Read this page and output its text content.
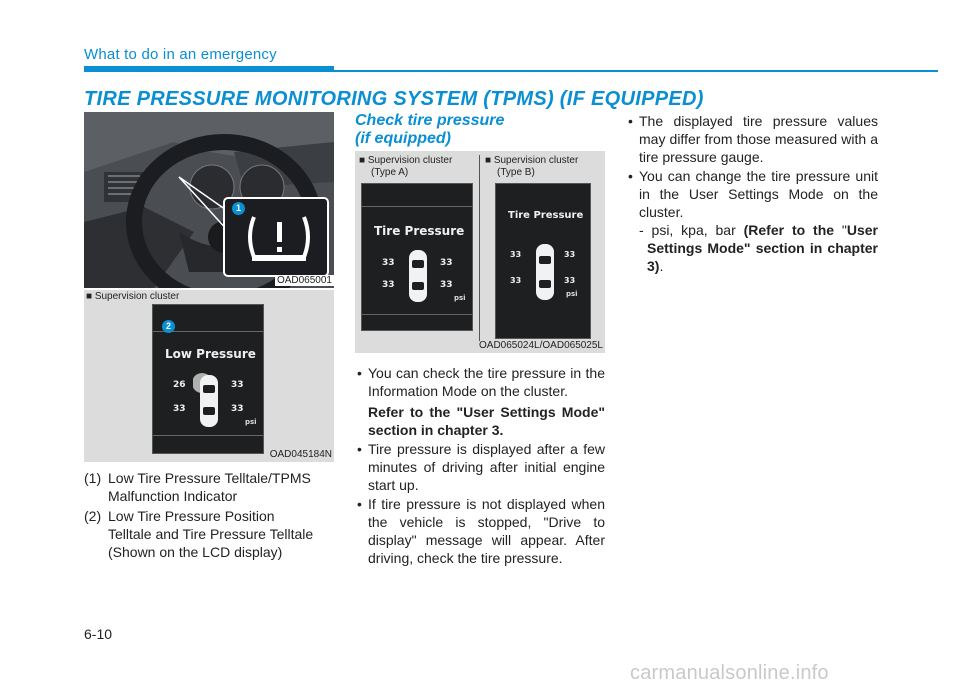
What to do in an emergency
TIRE PRESSURE MONITORING SYSTEM (TPMS) (IF EQUIPPED)
1
OAD065001
■ Supervision cluster
Low Pressure
26	33
33	33
psi
2
OAD045184N
(1) Low Tire Pressure Telltale/TPMS
Malfunction Indicator
(2) Low Tire Pressure Position
Telltale and Tire Pressure Telltale
(Shown on the LCD display)
Check tire pressure
(if equipped)
■ Supervision cluster
(Type A)
■ Supervision cluster
(Type B)
Tire Pressure
33	33
33	33
psi
Tire Pressure
33	33
33	33
psi
OAD065024L/OAD065025L
• You can check the tire pressure in the Information Mode on the cluster.
Refer to the "User Settings Mode" section in chapter 3.
• Tire pressure is displayed after a few minutes of driving after initial engine start up.
• If tire pressure is not displayed when the vehicle is stopped, "Drive to display" message will appear. After driving, check the tire pressure.
• The displayed tire pressure values may differ from those measured with a tire pressure gauge.
• You can change the tire pressure unit in the User Settings Mode on the cluster.
- psi, kpa, bar (Refer to the "User Settings Mode" section in chapter 3).
6-10
carmanualsonline.info
